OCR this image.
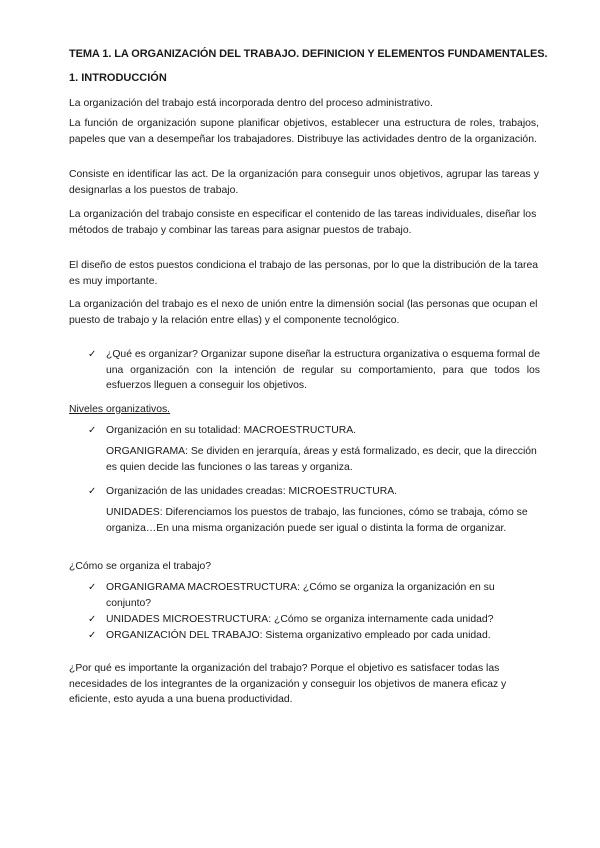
TEMA 1. LA ORGANIZACIÓN DEL TRABAJO. DEFINICION Y ELEMENTOS FUNDAMENTALES.
1. INTRODUCCIÓN
La organización del trabajo está incorporada dentro del proceso administrativo.
La función de organización supone planificar objetivos, establecer una estructura de roles, trabajos, papeles que van a desempeñar los trabajadores. Distribuye las actividades dentro de la organización.
Consiste en identificar las act. De la organización para conseguir unos objetivos, agrupar las tareas y designarlas a los puestos de trabajo.
La organización del trabajo consiste en especificar el contenido de las tareas individuales, diseñar los métodos de trabajo y combinar las tareas para asignar puestos de trabajo.
El diseño de estos puestos condiciona el trabajo de las personas, por lo que la distribución de la tarea es muy importante.
La organización del trabajo es el nexo de unión entre la dimensión social (las personas que ocupan el puesto de trabajo y la relación entre ellas) y el componente tecnológico.
✓ ¿Qué es organizar? Organizar supone diseñar la estructura organizativa o esquema formal de una organización con la intención de regular su comportamiento, para que todos los esfuerzos lleguen a conseguir los objetivos.
Niveles organizativos.
✓ Organización en su totalidad: MACROESTRUCTURA.
ORGANIGRAMA: Se dividen en jerarquía, áreas y está formalizado, es decir, que la dirección es quien decide las funciones o las tareas y organiza.
✓ Organización de las unidades creadas: MICROESTRUCTURA.
UNIDADES: Diferenciamos los puestos de trabajo, las funciones, cómo se trabaja, cómo se organiza…En una misma organización puede ser igual o distinta la forma de organizar.
¿Cómo se organiza el trabajo?
✓ ORGANIGRAMA MACROESTRUCTURA: ¿Cómo se organiza la organización en su conjunto?
✓ UNIDADES MICROESTRUCTURA: ¿Cómo se organiza internamente cada unidad?
✓ ORGANIZACIÓN DEL TRABAJO: Sistema organizativo empleado por cada unidad.
¿Por qué es importante la organización del trabajo? Porque el objetivo es satisfacer todas las necesidades de los integrantes de la organización y conseguir los objetivos de manera eficaz y eficiente, esto ayuda a una buena productividad.
